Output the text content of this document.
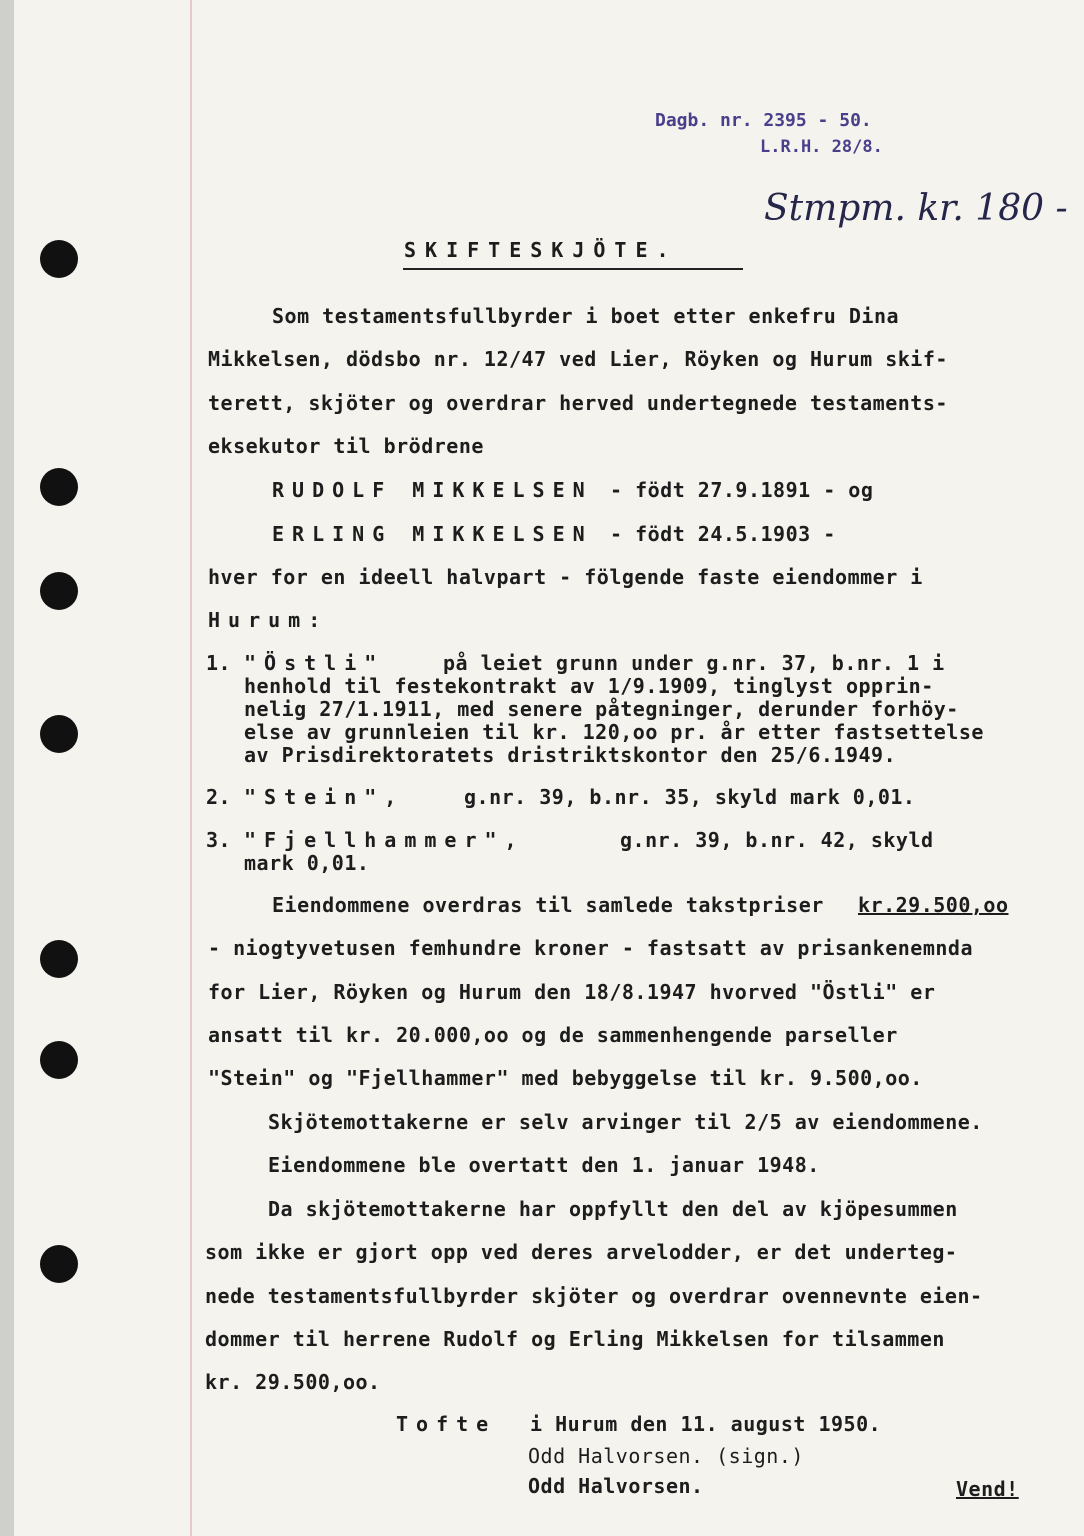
Dagb. nr. 2395 - 50.
L.R.H. 28/8.
Stmpm. kr. 180 -
SKIFTESKJÖTE.
Som testamentsfullbyrder i boet etter enkefru Dina
Mikkelsen, dödsbo nr. 12/47 ved Lier, Röyken og Hurum skif-
terett, skjöter og overdrar herved undertegnede testaments-
eksekutor til brödrene
RUDOLF MIKKELSEN - födt 27.9.1891 - og
ERLING MIKKELSEN - födt 24.5.1903 -
hver for en ideell halvpart - fölgende faste eiendommer i
Hurum:
1. "Östli"	på leiet grunn under g.nr. 37, b.nr. 1 i
henhold til festekontrakt av 1/9.1909, tinglyst opprin-
nelig 27/1.1911, med senere påtegninger, derunder forhöy-
else av grunnleien til kr. 120,oo pr. år etter fastsettelse
av Prisdirektoratets dristriktskontor den 25/6.1949.
2. "Stein",	g.nr. 39, b.nr. 35, skyld mark 0,01.
3. "Fjellhammer",	g.nr. 39, b.nr. 42, skyld
mark 0,01.
Eiendommene overdras til samlede takstpriser kr.29.500,oo
- niogtyvetusen femhundre kroner - fastsatt av prisankenemnda
for Lier, Röyken og Hurum den 18/8.1947 hvorved "Östli" er
ansatt til kr. 20.000,oo og de sammenhengende parseller
"Stein" og "Fjellhammer" med bebyggelse til kr. 9.500,oo.
Skjötemottakerne er selv arvinger til 2/5 av eiendommene.
Eiendommene ble overtatt den 1. januar 1948.
Da skjötemottakerne har oppfyllt den del av kjöpesummen
som ikke er gjort opp ved deres arvelodder, er det underteg-
nede testamentsfullbyrder skjöter og overdrar ovennevnte eien-
dommer til herrene Rudolf og Erling Mikkelsen for tilsammen
kr. 29.500,oo.
Tofte i Hurum den 11. august 1950.
Odd Halvorsen. (sign.)
Odd Halvorsen.	Vend!
